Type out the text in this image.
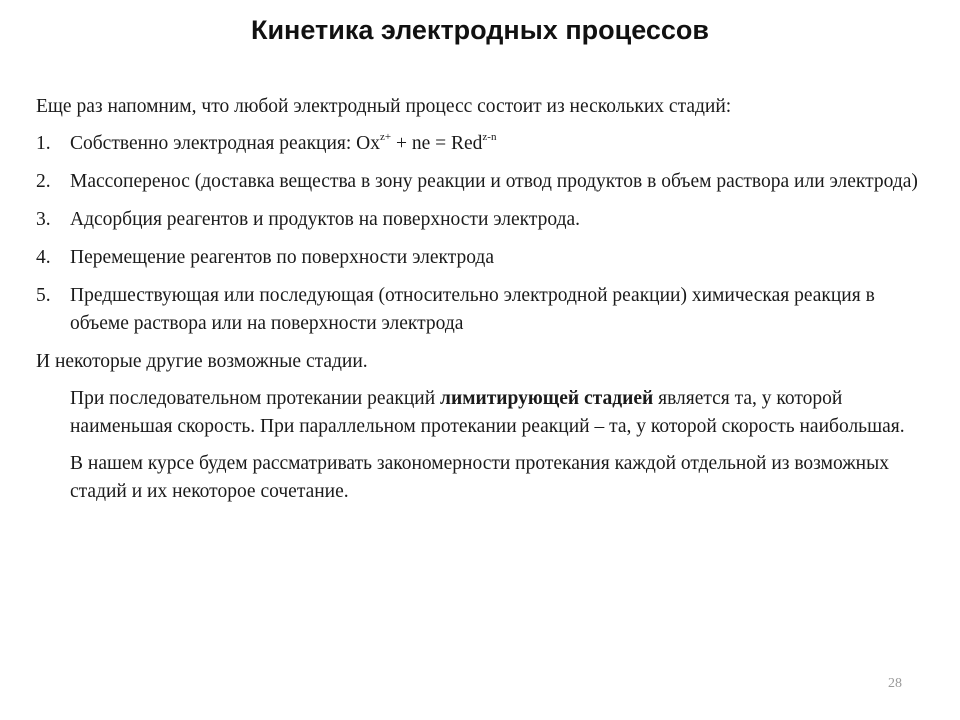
Кинетика электродных процессов

Еще раз напомним, что любой электродный процесс состоит из нескольких стадий:

1. Собственно электродная реакция: $Ox^{z+}$ + ne = Red$^{z-n}$
2. Массоперенос (доставка вещества в зону реакции и отвод продуктов в объем раствора или электрода)
3. Адсорбция реагентов и продуктов на поверхности электрода.
4. Перемещение реагентов по поверхности электрода
5. Предшествующая или последующая (относительно электродной реакции) химическая реакция в объеме раствора или на поверхности электрода

И некоторые другие возможные стадии.

При последовательном протекании реакций лимитирующей стадией является та, у которой наименьшая скорость. При параллельном протекании реакций – та, у которой скорость наибольшая.

В нашем курсе будем рассматривать закономерности протекания каждой отдельной из возможных стадий и их некоторое сочетание.

28
